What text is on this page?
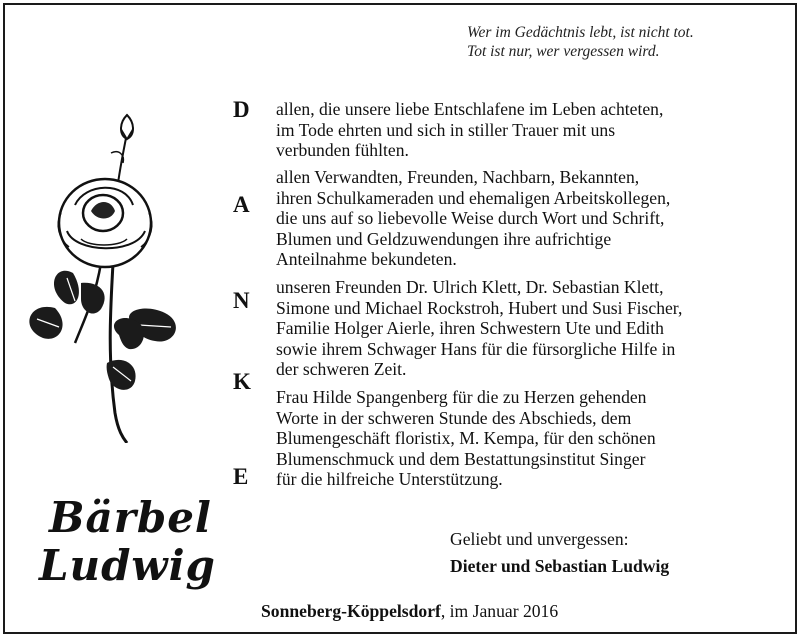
Wer im Gedächtnis lebt, ist nicht tot.
Tot ist nur, wer vergessen wird.
D
A
N
K
E
allen, die unsere liebe Entschlafene im Leben achteten,
im Tode ehrten und sich in stiller Trauer mit uns
verbunden fühlten.
allen Verwandten, Freunden, Nachbarn, Bekannten,
ihren Schulkameraden und ehemaligen Arbeitskollegen,
die uns auf so liebevolle Weise durch Wort und Schrift,
Blumen und Geldzuwendungen ihre aufrichtige
Anteilnahme bekundeten.
unseren Freunden Dr. Ulrich Klett, Dr. Sebastian Klett,
Simone und Michael Rockstroh, Hubert und Susi Fischer,
Familie Holger Aierle, ihren Schwestern Ute und Edith
sowie ihrem Schwager Hans für die fürsorgliche Hilfe in
der schweren Zeit.
Frau Hilde Spangenberg für die zu Herzen gehenden
Worte in der schweren Stunde des Abschieds, dem
Blumengeschäft floristix, M. Kempa, für den schönen
Blumenschmuck und dem Bestattungsinstitut Singer
für die hilfreiche Unterstützung.
Bärbel
Ludwig
Geliebt und unvergessen:
Dieter und Sebastian Ludwig
Sonneberg-Köppelsdorf, im Januar 2016
